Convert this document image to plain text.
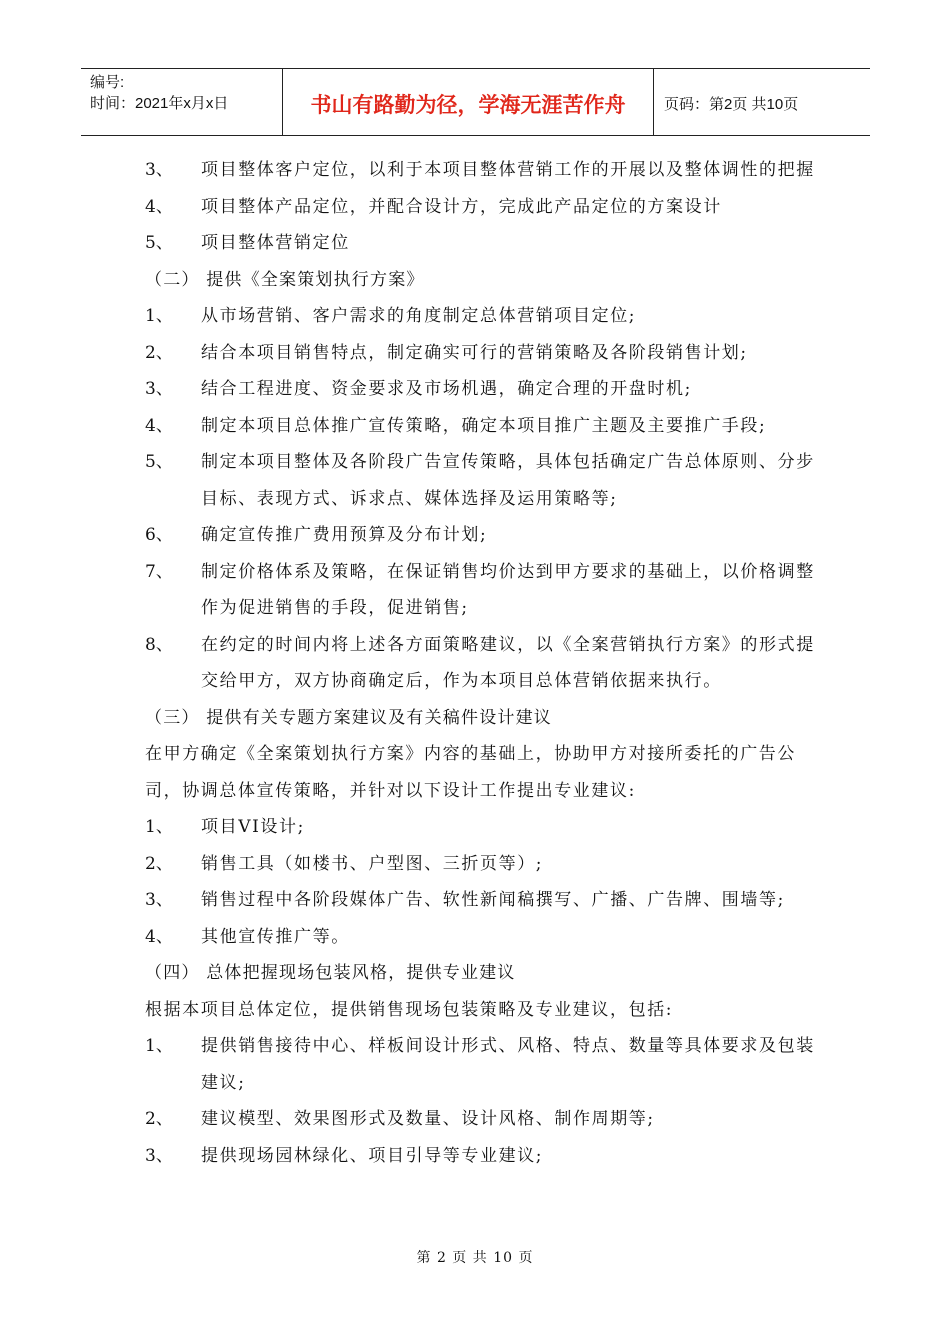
编号:
时间：2021年x月x日	书山有路勤为径，学海无涯苦作舟	页码：第2页 共10页
3、 项目整体客户定位，以利于本项目整体营销工作的开展以及整体调性的把握
4、 项目整体产品定位，并配合设计方，完成此产品定位的方案设计
5、 项目整体营销定位
（二） 提供《全案策划执行方案》
1、 从市场营销、客户需求的角度制定总体营销项目定位;
2、 结合本项目销售特点，制定确实可行的营销策略及各阶段销售计划;
3、 结合工程进度、资金要求及市场机遇，确定合理的开盘时机;
4、 制定本项目总体推广宣传策略，确定本项目推广主题及主要推广手段;
5、 制定本项目整体及各阶段广告宣传策略，具体包括确定广告总体原则、分步目标、表现方式、诉求点、媒体选择及运用策略等;
6、 确定宣传推广费用预算及分布计划;
7、 制定价格体系及策略，在保证销售均价达到甲方要求的基础上，以价格调整作为促进销售的手段，促进销售;
8、 在约定的时间内将上述各方面策略建议，以《全案营销执行方案》的形式提交给甲方，双方协商确定后，作为本项目总体营销依据来执行。
（三） 提供有关专题方案建议及有关稿件设计建议
在甲方确定《全案策划执行方案》内容的基础上，协助甲方对接所委托的广告公司，协调总体宣传策略，并针对以下设计工作提出专业建议:
1、 项目VI设计;
2、 销售工具（如楼书、户型图、三折页等）;
3、 销售过程中各阶段媒体广告、软性新闻稿撰写、广播、广告牌、围墙等;
4、 其他宣传推广等。
（四） 总体把握现场包装风格，提供专业建议
根据本项目总体定位，提供销售现场包装策略及专业建议，包括:
1、 提供销售接待中心、样板间设计形式、风格、特点、数量等具体要求及包装建议;
2、 建议模型、效果图形式及数量、设计风格、制作周期等;
3、 提供现场园林绿化、项目引导等专业建议;
第 2 页 共 10 页
